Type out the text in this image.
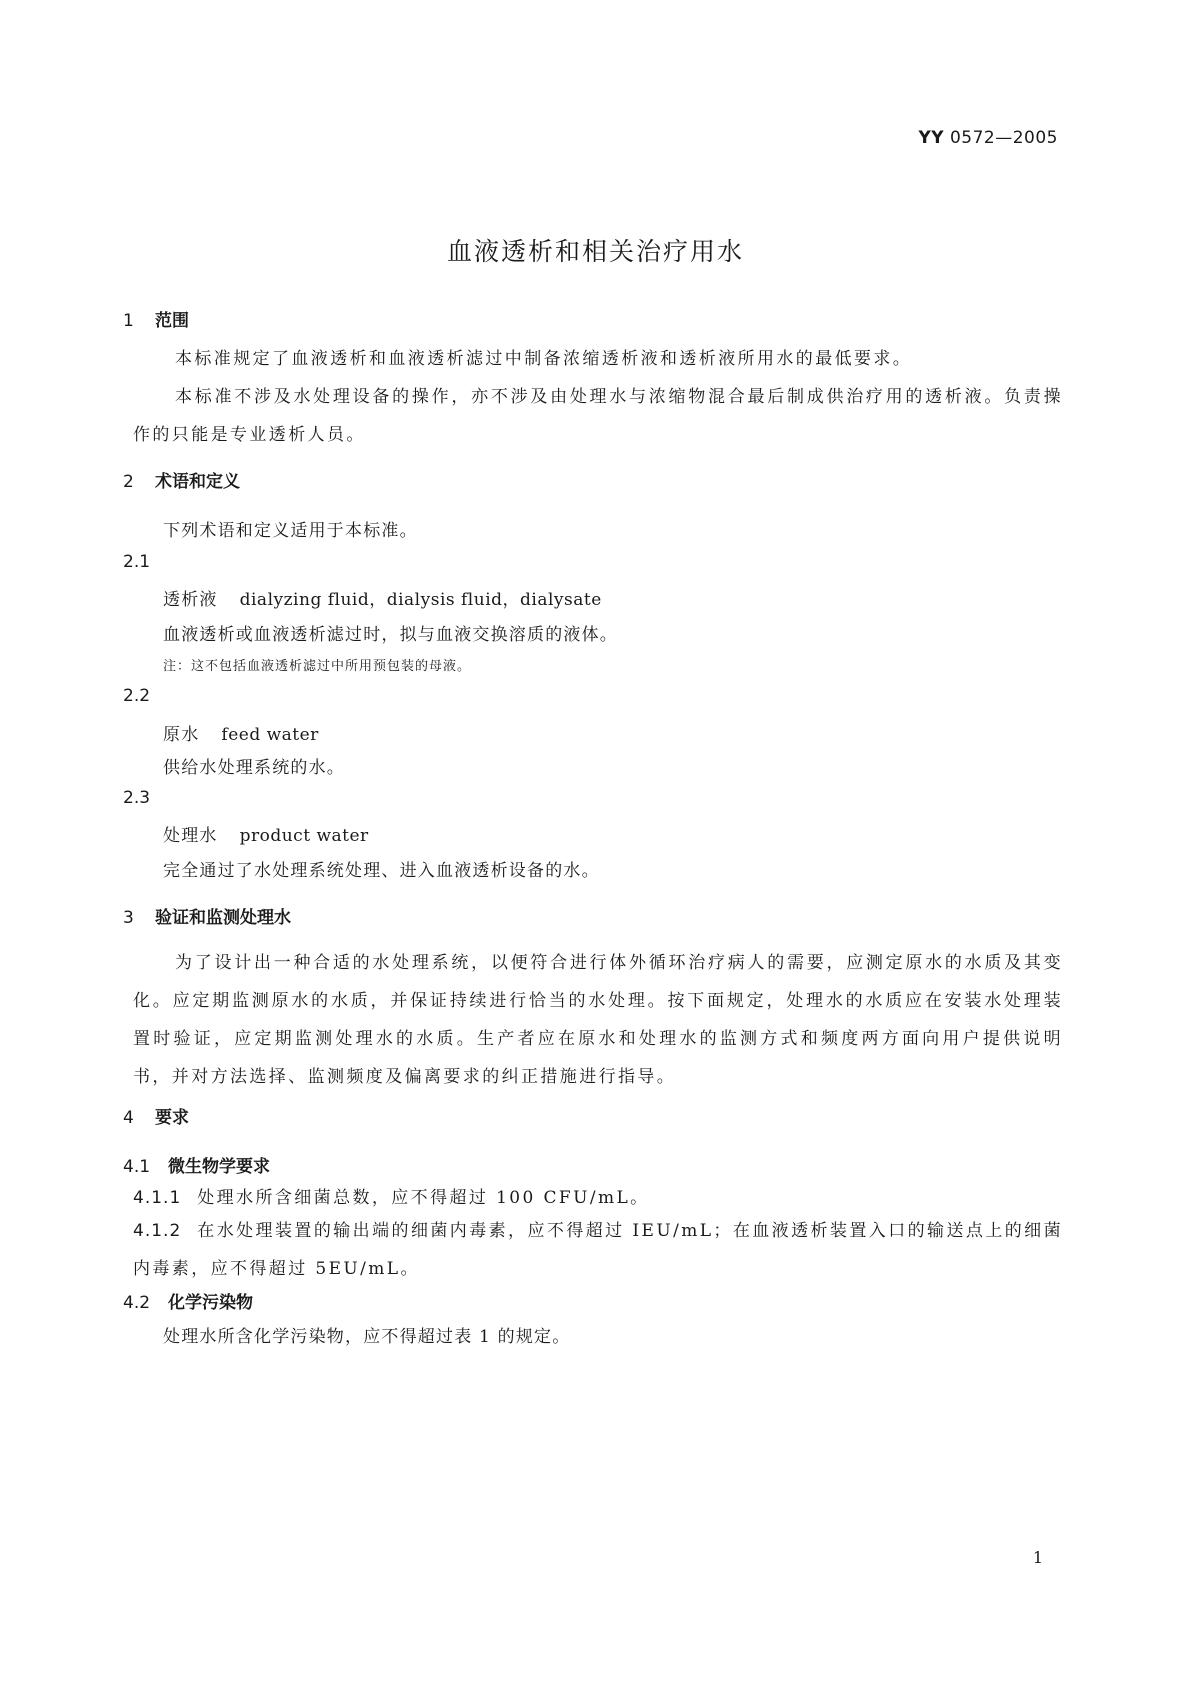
YY 0572—2005
血液透析和相关治疗用水
1 范围
本标准规定了血液透析和血液透析滤过中制备浓缩透析液和透析液所用水的最低要求。
本标准不涉及水处理设备的操作，亦不涉及由处理水与浓缩物混合最后制成供治疗用的透析液。负责操作的只能是专业透析人员。
2 术语和定义
下列术语和定义适用于本标准。
2.1
透析液 dialyzing fluid，dialysis fluid，dialysate
血液透析或血液透析滤过时，拟与血液交换溶质的液体。
注：这不包括血液透析滤过中所用预包装的母液。
2.2
原水 feed water
供给水处理系统的水。
2.3
处理水 product water
完全通过了水处理系统处理、进入血液透析设备的水。
3 验证和监测处理水
为了设计出一种合适的水处理系统，以便符合进行体外循环治疗病人的需要，应测定原水的水质及其变化。应定期监测原水的水质，并保证持续进行恰当的水处理。按下面规定，处理水的水质应在安装水处理装置时验证，应定期监测处理水的水质。生产者应在原水和处理水的监测方式和频度两方面向用户提供说明书，并对方法选择、监测频度及偏离要求的纠正措施进行指导。
4 要求
4.1 微生物学要求
4.1.1 处理水所含细菌总数，应不得超过 100 CFU/mL。
4.1.2 在水处理装置的输出端的细菌内毒素，应不得超过 IEU/mL；在血液透析装置入口的输送点上的细菌内毒素，应不得超过 5EU/mL。
4.2 化学污染物
处理水所含化学污染物，应不得超过表 1 的规定。
1
